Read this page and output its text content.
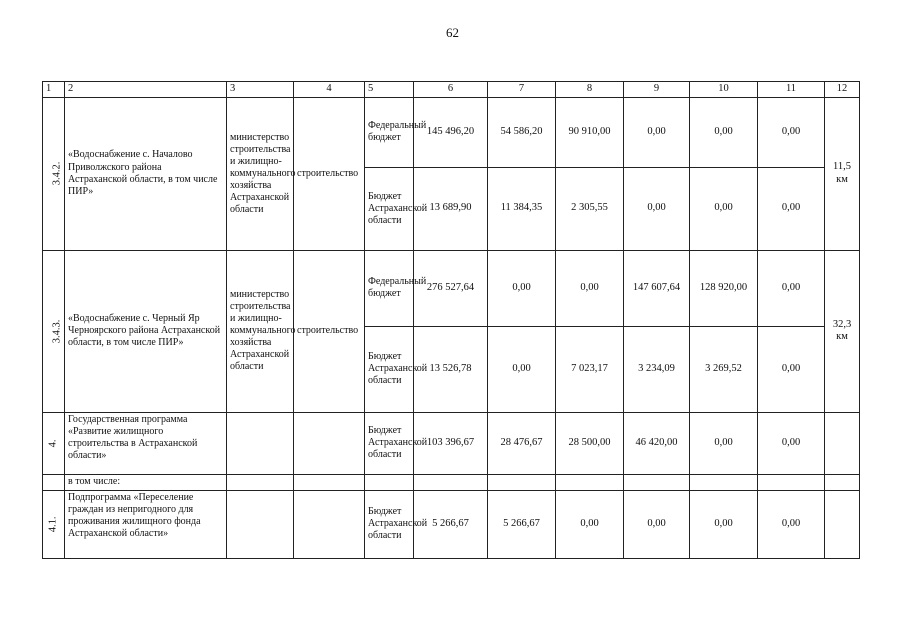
62
1	2	3	4	5	6	7	8	9	10	11	12
3.4.2.	«Водоснабжение с. Началово Приволжского района Астраханской области, в том числе ПИР»	министерство строительства и жилищно-коммунального хозяйства Астраханской области	строительство	Федеральный бюджет	145 496,20	54 586,20	90 910,00	0,00	0,00	0,00	11,5 км
				Бюджет Астраханской области	13 689,90	11 384,35	2 305,55	0,00	0,00	0,00	
3.4.3.	«Водоснабжение с. Черный Яр Черноярского района Астраханской области, в том числе ПИР»	министерство строительства и жилищно-коммунального хозяйства Астраханской области	строительство	Федеральный бюджет	276 527,64	0,00	0,00	147 607,64	128 920,00	0,00	32,3 км
				Бюджет Астраханской области	13 526,78	0,00	7 023,17	3 234,09	3 269,52	0,00	
4.	Государственная программа «Развитие жилищного строительства в Астраханской области»			Бюджет Астраханской области	103 396,67	28 476,67	28 500,00	46 420,00	0,00	0,00	
	в том числе:										
4.1.	Подпрограмма «Переселение граждан из непригодного для проживания жилищного фонда Астраханской области»			Бюджет Астраханской области	5 266,67	5 266,67	0,00	0,00	0,00	0,00	
